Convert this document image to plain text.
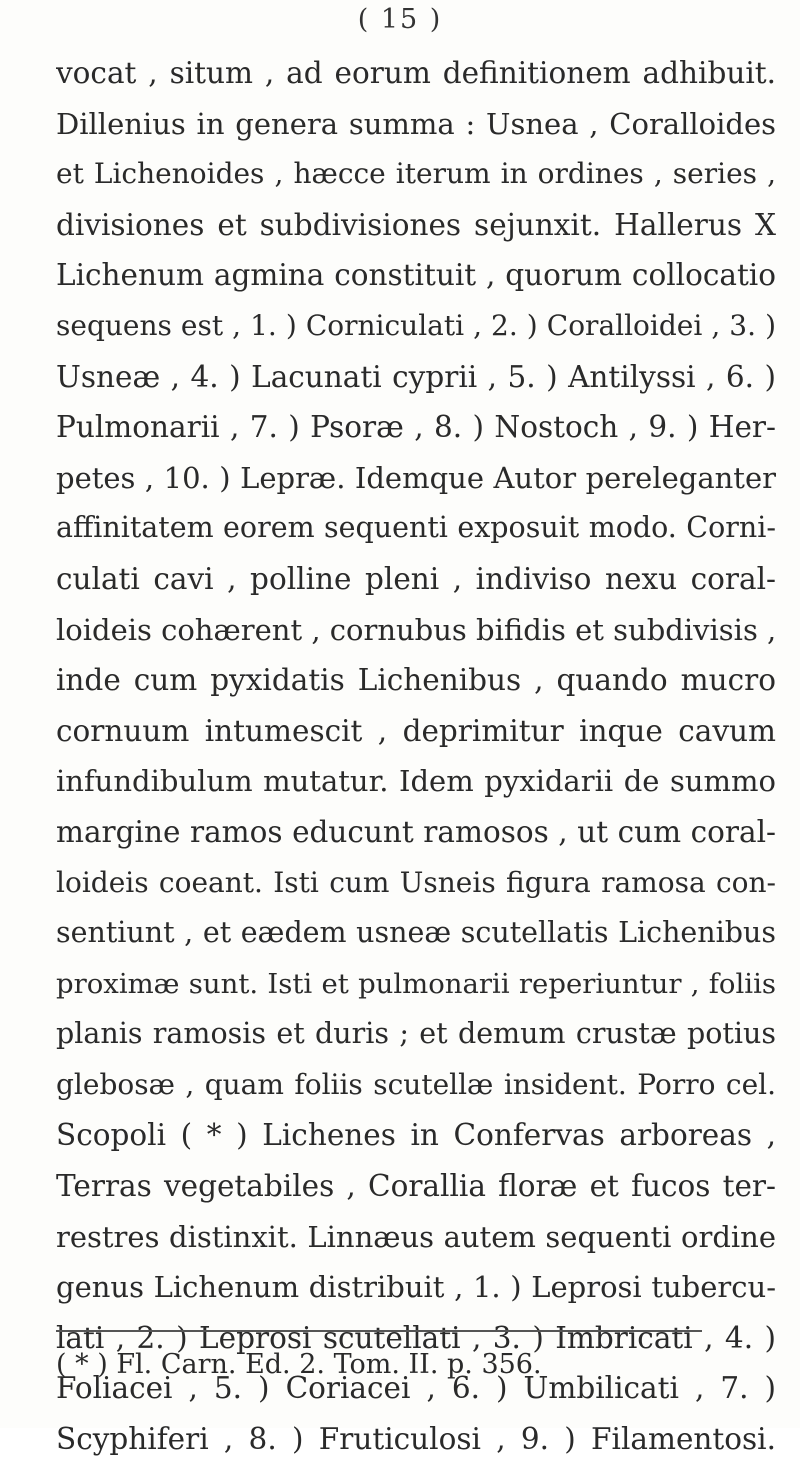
( 15 )
vocat , situm , ad eorum definitionem adhibuit.
Dillenius in genera summa : Usnea , Coralloides
et Lichenoides , hæcce iterum in ordines , series ,
divisiones et subdivisiones sejunxit. Hallerus X
Lichenum agmina constituit , quorum collocatio
sequens est , 1. ) Corniculati , 2. ) Coralloidei , 3. )
Usneæ , 4. ) Lacunati cyprii , 5. ) Antilyssi , 6. )
Pulmonarii , 7. ) Psoræ , 8. ) Nostoch , 9. ) Her-
petes , 10. ) Lepræ. Idemque Autor pereleganter
affinitatem eorem sequenti exposuit modo. Corni-
culati cavi , polline pleni , indiviso nexu coral-
loideis cohærent , cornubus bifidis et subdivisis ,
inde cum pyxidatis Lichenibus , quando mucro
cornuum intumescit , deprimitur inque cavum
infundibulum mutatur. Idem pyxidarii de summo
margine ramos educunt ramosos , ut cum coral-
loideis coeant. Isti cum Usneis figura ramosa con-
sentiunt , et eædem usneæ scutellatis Lichenibus
proximæ sunt. Isti et pulmonarii reperiuntur , foliis
planis ramosis et duris ; et demum crustæ potius
glebosæ , quam foliis scutellæ insident. Porro cel.
Scopoli ( * ) Lichenes in Confervas arboreas ,
Terras vegetabiles , Corallia floræ et fucos ter-
restres distinxit. Linnæus autem sequenti ordine
genus Lichenum distribuit , 1. ) Leprosi tubercu-
lati , 2. ) Leprosi scutellati , 3. ) Imbricati , 4. )
Foliacei , 5. ) Coriacei , 6. ) Umbilicati , 7. )
Scyphiferi , 8. ) Fruticulosi , 9. ) Filamentosi.
( * ) Fl. Carn. Ed. 2. Tom. II. p. 356.
